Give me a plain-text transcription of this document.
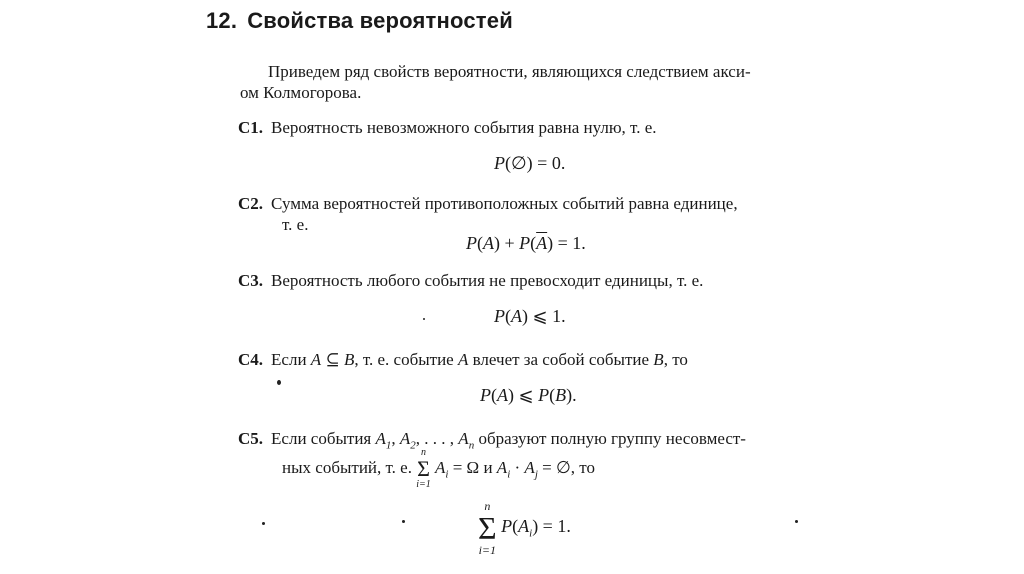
12. Свойства вероятностей
Приведем ряд свойств вероятности, являющихся следствием акси-
ом Колмогорова.
С1. Вероятность невозможного события равна нулю, т. е.
P(∅) = 0.
С2. Сумма вероятностей противоположных событий равна единице,
т. е.
$P(A) + P(\overline{A}) = 1$.
С3. Вероятность любого события не превосходит единицы, т. е.
P(A) ⩽ 1.
С4. Если A ⊆ B, т. е. событие A влечет за собой событие B, то
P(A) ⩽ P(B).
С5. Если события $A_1$, $A_2$, . . . , $A_n$ образуют полную группу несовмест-
ных событий, т. е.
n
Σ
i=1
$A_i = \Omega$ и $A_i \cdot A_j$ = ∅, то
n
Σ
i=1
$P(A_i) = 1$.
